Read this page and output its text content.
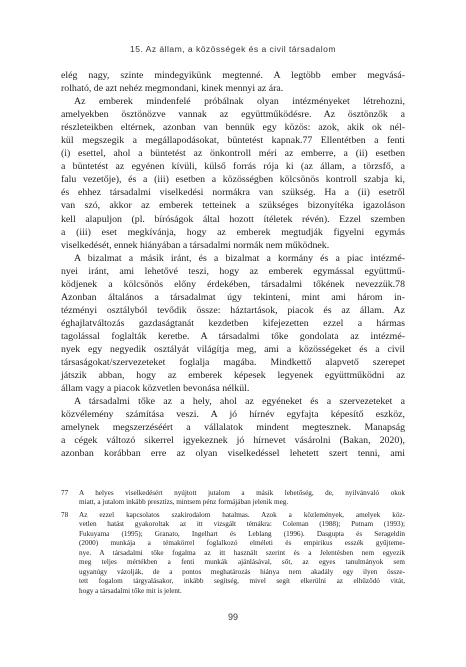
15. Az állam, a közösségek és a civil társadalom
elég nagy, szinte mindegyikünk megtenné. A legtöbb ember megvásá-
rolható, de azt nehéz megmondani, kinek mennyi az ára.
Az emberek mindenfelé próbálnak olyan intézményeket létrehozni,
amelyekben ösztönözve vannak az együttműködésre. Az ösztönzők a
részleteikben eltérnek, azonban van bennük egy közös: azok, akik ok nél-
kül megszegik a megállapodásokat, büntetést kapnak.77 Ellentétben a fenti
(i) esettel, ahol a büntetést az önkontroll méri az emberre, a (ii) esetben
a büntetést az egyénen kívüli, külső forrás rója ki (az állam, a törzsfő, a
falu vezetője), és a (iii) esetben a közösségben kölcsönös kontroll szabja ki,
és ehhez társadalmi viselkedési normákra van szükség. Ha a (ii) esetről
van szó, akkor az emberek tetteinek a szükséges bizonyítéka igazoláson
kell alapuljon (pl. bíróságok által hozott ítéletek révén). Ezzel szemben
a (iii) eset megkívánja, hogy az emberek megtudják figyelni egymás
viselkedését, ennek hiányában a társadalmi normák nem működnek.
A bizalmat a másik iránt, és a bizalmat a kormány és a piac intézmé-
nyei iránt, ami lehetővé teszi, hogy az emberek egymással együttmű-
ködjenek a kölcsönös előny érdekében, társadalmi tőkének nevezzük.78
Azonban általános a társadalmat úgy tekinteni, mint ami három in-
tézményi osztályból tevődik össze: háztartások, piacok és az állam. Az
éghajlatváltozás gazdaságtanát kezdetben kifejezetten ezzel a hármas
tagolással foglalták keretbe. A társadalmi tőke gondolata az intézmé-
nyek egy negyedik osztályát világítja meg, ami a közösségeket és a civil
társaságokat/szervezeteket foglalja magába. Mindkettő alapvető szerepet
játszik abban, hogy az emberek képesek legyenek együttműködni az
állam vagy a piacok közvetlen bevonása nélkül.
A társadalmi tőke az a hely, ahol az egyéneket és a szervezeteket a
közvélemény számítása veszi. A jó hírnév egyfajta képesítő eszköz,
amelynek megszerzéséért a vállalatok mindent megtesznek. Manapság
a cégek változó sikerrel igyekeznek jó hírnevet vásárolni (Bakan, 2020),
azonban korábban erre az olyan viselkedéssel lehetett szert tenni, ami
77	A helyes viselkedésért nyújtott jutalom a másik lehetőség, de, nyilvánvaló okok
miatt, a jutalom inkább presztízs, mintsem pénz formájában jelenik meg.
78	Az ezzel kapcsolatos szakirodalom hatalmas. Azok a közlemények, amelyek köz-
vetlen hatást gyakoroltak az itt vizsgált témákra: Coleman (1988); Putnam (1993);
Fukuyama (1995); Granato, Ingelhart és Leblang (1996). Dasgupta és Serageldin
(2000) munkája a témakörrel foglalkozó elméleti és empirikus esszék gyűjteme-
nye. A társadalmi tőke fogalma az itt használt szerint és a Jelentésben nem egyezik
meg teljes mértékben a fenti munkák ajánlásával, sőt, az egyes tanulmányok sem
ugyanúgy vázolják, de a pontos meghatározás hiánya nem akadály egy ilyen össze-
tett fogalom tárgyalásakor, inkább segítség, mivel segít elkerülni az elhűződó vitát,
hogy a társadalmi tőke mit is jelent.
99
